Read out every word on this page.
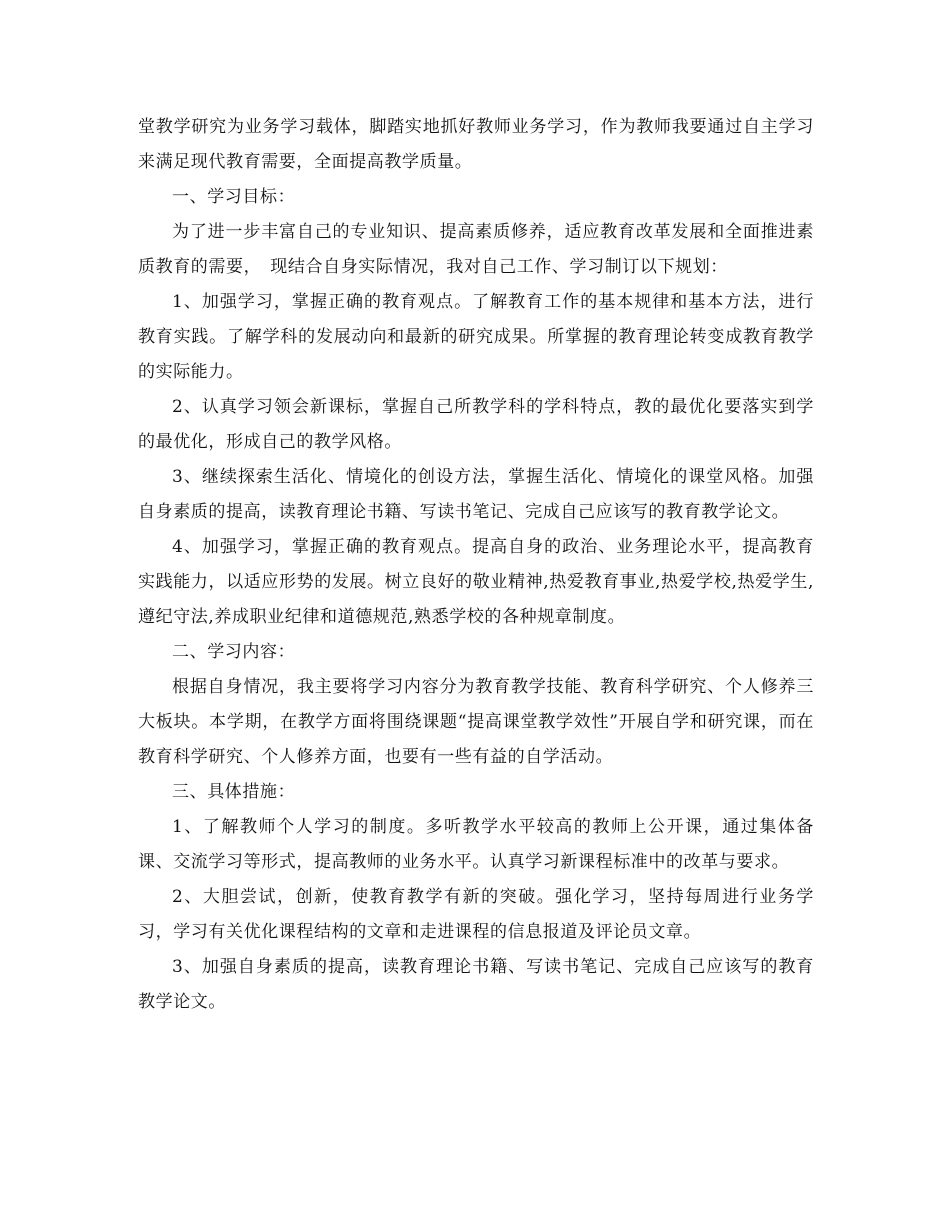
堂教学研究为业务学习载体，脚踏实地抓好教师业务学习，作为教师我要通过自主学习来满足现代教育需要，全面提高教学质量。

一、学习目标：

为了进一步丰富自己的专业知识、提高素质修养，适应教育改革发展和全面推进素质教育的需要，　现结合自身实际情况，我对自己工作、学习制订以下规划：

1、加强学习，掌握正确的教育观点。了解教育工作的基本规律和基本方法，进行教育实践。了解学科的发展动向和最新的研究成果。所掌握的教育理论转变成教育教学的实际能力。

2、认真学习领会新课标，掌握自己所教学科的学科特点，教的最优化要落实到学的最优化，形成自己的教学风格。

3、继续探索生活化、情境化的创设方法，掌握生活化、情境化的课堂风格。加强自身素质的提高，读教育理论书籍、写读书笔记、完成自己应该写的教育教学论文。

4、加强学习，掌握正确的教育观点。提高自身的政治、业务理论水平，提高教育实践能力，以适应形势的发展。树立良好的敬业精神,热爱教育事业,热爱学校,热爱学生,遵纪守法,养成职业纪律和道德规范,熟悉学校的各种规章制度。

二、学习内容：

根据自身情况，我主要将学习内容分为教育教学技能、教育科学研究、个人修养三大板块。本学期，在教学方面将围绕课题“提高课堂教学效性”开展自学和研究课，而在教育科学研究、个人修养方面，也要有一些有益的自学活动。

三、具体措施：

1、了解教师个人学习的制度。多听教学水平较高的教师上公开课，通过集体备课、交流学习等形式，提高教师的业务水平。认真学习新课程标准中的改革与要求。

2、大胆尝试，创新，使教育教学有新的突破。强化学习，坚持每周进行业务学习，学习有关优化课程结构的文章和走进课程的信息报道及评论员文章。

3、加强自身素质的提高，读教育理论书籍、写读书笔记、完成自己应该写的教育教学论文。
